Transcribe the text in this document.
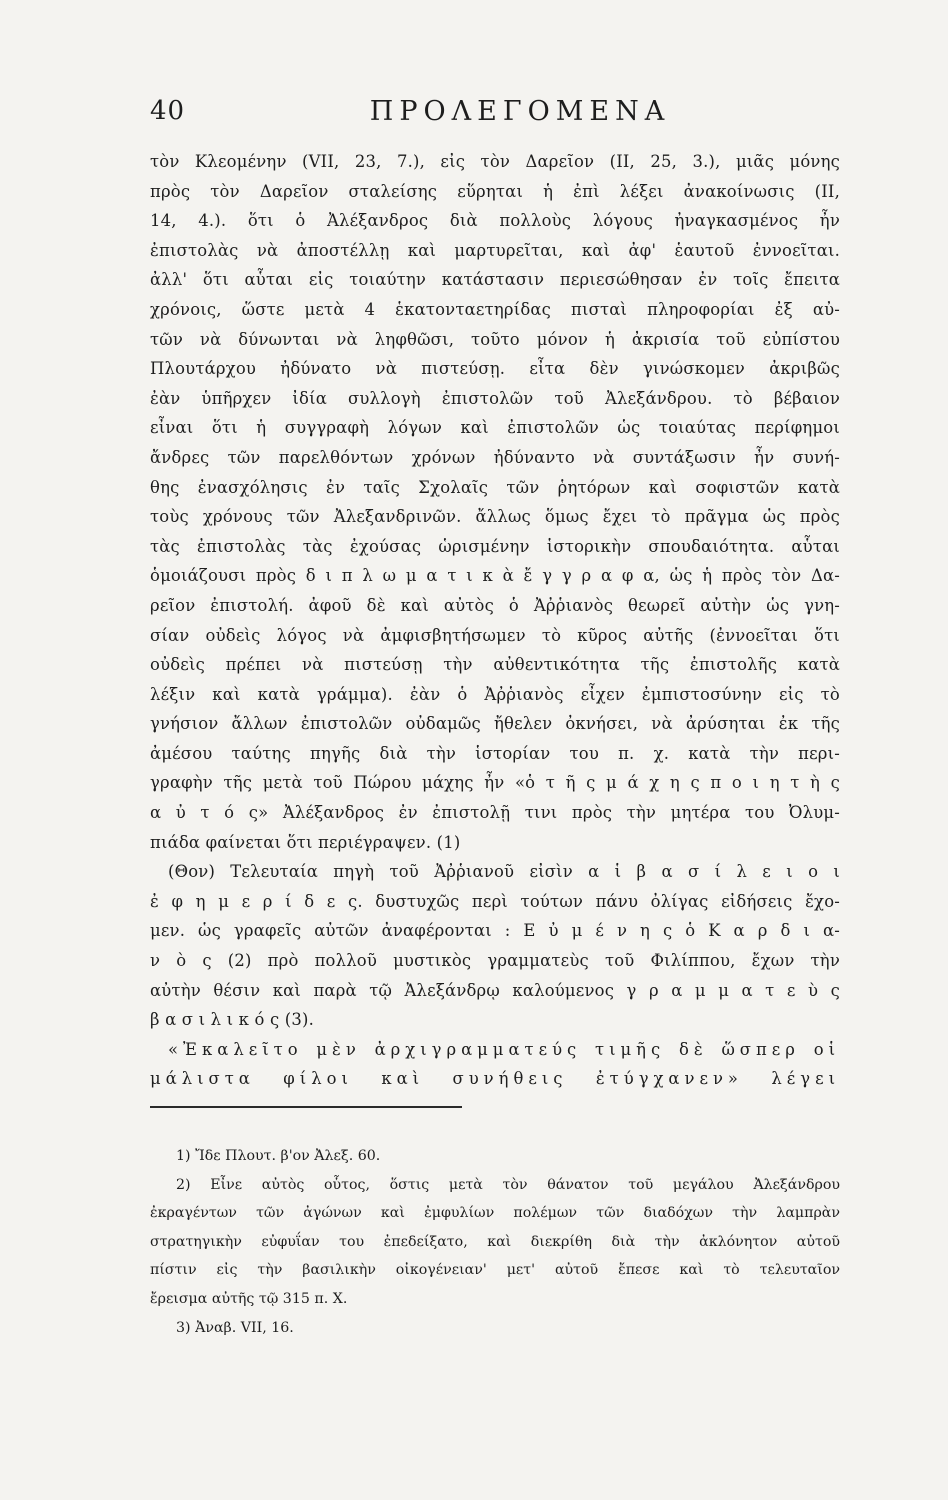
40	ΠΡΟΛΕΓΟΜΕΝΑ
τὸν Κλεομένην (VII, 23, 7.), εἰς τὸν Δαρεῖον (ΙΙ, 25, 3.), μιᾶς μόνης
πρὸς τὸν Δαρεῖον σταλείσης εὕρηται ἡ ἐπὶ λέξει ἀνακοίνωσις (ΙΙ,
14, 4.). ὅτι ὁ Ἀλέξανδρος διὰ πολλοὺς λόγους ἠναγκασμένος ἦν
ἐπιστολὰς νὰ ἀποστέλλῃ καὶ μαρτυρεῖται, καὶ ἀφ' ἑαυτοῦ ἐννοεῖται.
ἀλλ' ὅτι αὗται εἰς τοιαύτην κατάστασιν περιεσώθησαν ἐν τοῖς ἔπειτα
χρόνοις, ὥστε μετὰ 4 ἑκατονταετηρίδας πισταὶ πληροφορίαι ἐξ αὐ-
τῶν νὰ δύνωνται νὰ ληφθῶσι, τοῦτο μόνον ἡ ἀκρισία τοῦ εὐπίστου
Πλουτάρχου ἠδύνατο νὰ πιστεύσῃ. εἶτα δὲν γινώσκομεν ἀκριβῶς
ἐὰν ὑπῆρχεν ἰδία συλλογὴ ἐπιστολῶν τοῦ Ἀλεξάνδρου. τὸ βέβαιον
εἶναι ὅτι ἡ συγγραφὴ λόγων καὶ ἐπιστολῶν ὡς τοιαύτας περίφημοι
ἄνδρες τῶν παρελθόντων χρόνων ἠδύναντο νὰ συντάξωσιν ἦν συνή-
θης ἐνασχόλησις ἐν ταῖς Σχολαῖς τῶν ῥητόρων καὶ σοφιστῶν κατὰ
τοὺς χρόνους τῶν Ἀλεξανδρινῶν. ἄλλως ὅμως ἔχει τὸ πρᾶγμα ὡς πρὸς
τὰς ἐπιστολὰς τὰς ἐχούσας ὡρισμένην ἱστορικὴν σπουδαιότητα. αὗται
ὁμοιάζουσι πρὸς δ ι π λ ω μ α τ ι κ ὰ ἔ γ γ ρ α φ α, ὡς ἡ πρὸς τὸν Δα-
ρεῖον ἐπιστολή. ἀφοῦ δὲ καὶ αὐτὸς ὁ Ἀῤῥιανὸς θεωρεῖ αὐτὴν ὡς γνη-
σίαν οὐδεὶς λόγος νὰ ἀμφισβητήσωμεν τὸ κῦρος αὐτῆς (ἐννοεῖται ὅτι
οὐδεὶς πρέπει νὰ πιστεύσῃ τὴν αὐθεντικότητα τῆς ἐπιστολῆς κατὰ
λέξιν καὶ κατὰ γράμμα). ἐὰν ὁ Ἀῤῥιανὸς εἶχεν ἐμπιστοσύνην εἰς τὸ
γνήσιον ἄλλων ἐπιστολῶν οὐδαμῶς ἤθελεν ὀκνήσει, νὰ ἀρύσηται ἐκ τῆς
ἀμέσου ταύτης πηγῆς διὰ τὴν ἱστορίαν του π. χ. κατὰ τὴν περι-
γραφὴν τῆς μετὰ τοῦ Πώρου μάχης ἦν «ὁ τ ῆ ς μ ά χ η ς π ο ι η τ ὴ ς
α ὐ τ ό ς» Ἀλέξανδρος ἐν ἐπιστολῇ τινι πρὸς τὴν μητέρα του Ὀλυμ-
πιάδα φαίνεται ὅτι περιέγραψεν. (1)
(Θον) Τελευταία πηγὴ τοῦ Ἀῤῥιανοῦ εἰσὶν α ἱ β α σ ί λ ε ι ο ι
ἐ φ η μ ε ρ ί δ ε ς. δυστυχῶς περὶ τούτων πάνυ ὀλίγας εἰδήσεις ἔχο-
μεν. ὡς γραφεῖς αὐτῶν ἀναφέρονται : Ε ὐ μ έ ν η ς ὁ Κ α ρ δ ι α-
ν ὸ ς (2) πρὸ πολλοῦ μυστικὸς γραμματεὺς τοῦ Φιλίππου, ἔχων τὴν
αὐτὴν θέσιν καὶ παρὰ τῷ Ἀλεξάνδρῳ καλούμενος γ ρ α μ μ α τ ε ὺ ς
β α σ ι λ ι κ ό ς (3).
«Ἐκαλεῖτο μὲν ἀρχιγραμματεύς τιμῆς δὲ ὥσπερ οἱ
μάλιστα φίλοι καὶ συνήθεις ἐτύγχανεν» λέγει
1) Ἴδε Πλουτ. β'ον Ἀλεξ. 60.
2) Εἶνε αὐτὸς οὗτος, ὅστις μετὰ τὸν θάνατον τοῦ μεγάλου Ἀλεξάνδρου
ἐκραγέντων τῶν ἀγώνων καὶ ἐμφυλίων πολέμων τῶν διαδόχων τὴν λαμπρὰν
στρατηγικὴν εὐφυΐαν του ἐπεδείξατο, καὶ διεκρίθη διὰ τὴν ἀκλόνητον αὐτοῦ
πίστιν εἰς τὴν βασιλικὴν οἰκογένειαν' μετ' αὐτοῦ ἔπεσε καὶ τὸ τελευταῖον
ἔρεισμα αὐτῆς τῷ 315 π. Χ.
3) Ἀναβ. VII, 16.
